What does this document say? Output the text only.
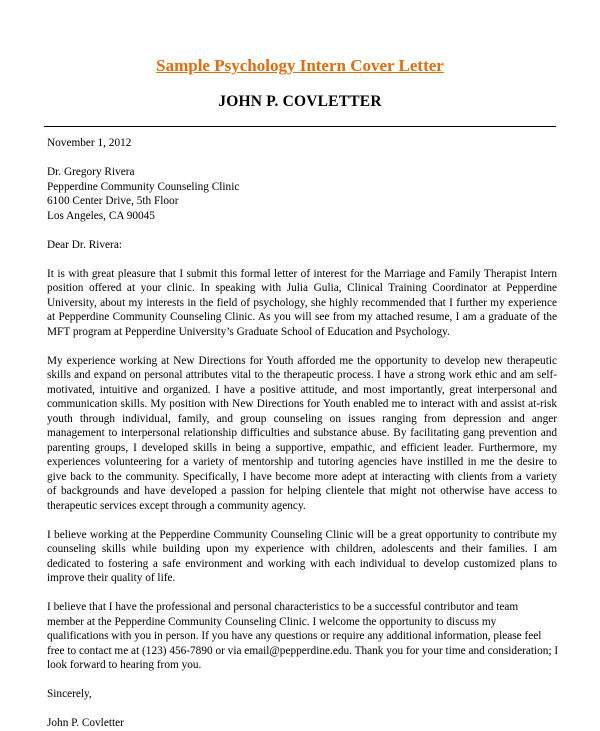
Sample Psychology Intern Cover Letter
JOHN P. COVLETTER
November 1, 2012
Dr. Gregory Rivera
Pepperdine Community Counseling Clinic
6100 Center Drive, 5th Floor
Los Angeles, CA 90045
Dear Dr. Rivera:
It is with great pleasure that I submit this formal letter of interest for the Marriage and Family Therapist Intern
position offered at your clinic. In speaking with Julia Gulia, Clinical Training Coordinator at Pepperdine
University, about my interests in the field of psychology, she highly recommended that I further my experience
at Pepperdine Community Counseling Clinic. As you will see from my attached resume, I am a graduate of the
MFT program at Pepperdine University’s Graduate School of Education and Psychology.
My experience working at New Directions for Youth afforded me the opportunity to develop new therapeutic
skills and expand on personal attributes vital to the therapeutic process. I have a strong work ethic and am self-
motivated, intuitive and organized. I have a positive attitude, and most importantly, great interpersonal and
communication skills. My position with New Directions for Youth enabled me to interact with and assist at-risk
youth through individual, family, and group counseling on issues ranging from depression and anger
management to interpersonal relationship difficulties and substance abuse. By facilitating gang prevention and
parenting groups, I developed skills in being a supportive, empathic, and efficient leader. Furthermore, my
experiences volunteering for a variety of mentorship and tutoring agencies have instilled in me the desire to
give back to the community. Specifically, I have become more adept at interacting with clients from a variety
of backgrounds and have developed a passion for helping clientele that might not otherwise have access to
therapeutic services except through a community agency.
I believe working at the Pepperdine Community Counseling Clinic will be a great opportunity to contribute my
counseling skills while building upon my experience with children, adolescents and their families. I am
dedicated to fostering a safe environment and working with each individual to develop customized plans to
improve their quality of life.
I believe that I have the professional and personal characteristics to be a successful contributor and team
member at the Pepperdine Community Counseling Clinic. I welcome the opportunity to discuss my
qualifications with you in person. If you have any questions or require any additional information, please feel
free to contact me at (123) 456-7890 or via email@pepperdine.edu. Thank you for your time and consideration; I
look forward to hearing from you.
Sincerely,
John P. Covletter
